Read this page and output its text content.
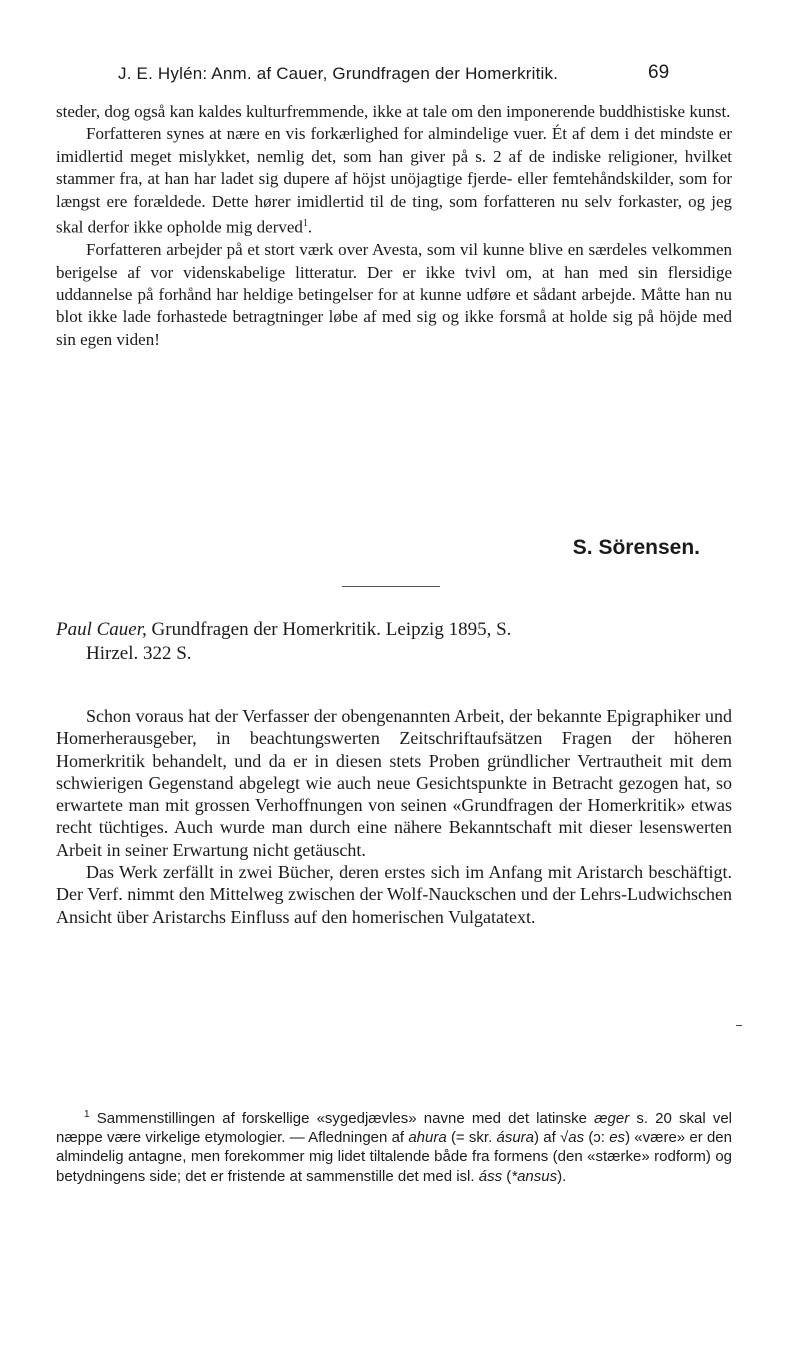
J. E. Hylén: Anm. af Cauer, Grundfragen der Homerkritik.	69

steder, dog også kan kaldes kulturfremmende, ikke at tale om den imponerende buddhistiske kunst.

Forfatteren synes at nære en vis forkærlighed for almindelige vuer. Ét af dem i det mindste er imidlertid meget mislykket, nemlig det, som han giver på s. 2 af de indiske religioner, hvilket stammer fra, at han har ladet sig dupere af höjst unöjagtige fjerde- eller femtehåndskilder, som for længst ere forældede. Dette hører imidlertid til de ting, som forfatteren nu selv forkaster, og jeg skal derfor ikke opholde mig derved$^1$.

Forfatteren arbejder på et stort værk over Avesta, som vil kunne blive en særdeles velkommen berigelse af vor videnskabelige litteratur. Der er ikke tvivl om, at han med sin flersidige uddannelse på forhånd har heldige betingelser for at kunne udføre et sådant arbejde. Måtte han nu blot ikke lade forhastede betragtninger løbe af med sig og ikke forsmå at holde sig på höjde med sin egen viden!

S. Sörensen.
Paul Cauer, Grundfragen der Homerkritik. Leipzig 1895, S.
Hirzel. 322 S.

Schon voraus hat der Verfasser der obengenannten Arbeit, der bekannte Epigraphiker und Homerherausgeber, in beachtungswerten Zeitschriftaufsätzen Fragen der höheren Homerkritik behandelt, und da er in diesen stets Proben gründlicher Vertrautheit mit dem schwierigen Gegenstand abgelegt wie auch neue Gesichtspunkte in Betracht gezogen hat, so erwartete man mit grossen Verhoffnungen von seinen «Grundfragen der Homerkritik» etwas recht tüchtiges. Auch wurde man durch eine nähere Bekanntschaft mit dieser lesenswerten Arbeit in seiner Erwartung nicht getäuscht.

Das Werk zerfällt in zwei Bücher, deren erstes sich im Anfang mit Aristarch beschäftigt. Der Verf. nimmt den Mittelweg zwischen der Wolf-Nauckschen und der Lehrs-Ludwichschen Ansicht über Aristarchs Einfluss auf den homerischen Vulgatatext.

$^1$ Sammenstillingen af forskellige «sygedjævles» navne med det latinske æger s. 20 skal vel næppe være virkelige etymologier. — Afledningen af ahura (= skr. ásura) af √as (ɔ: es) «være» er den almindelig antagne, men forekommer mig lidet tiltalende både fra formens (den «stærke» rodform) og betydningens side; det er fristende at sammenstille det med isl. áss (*ansus).
